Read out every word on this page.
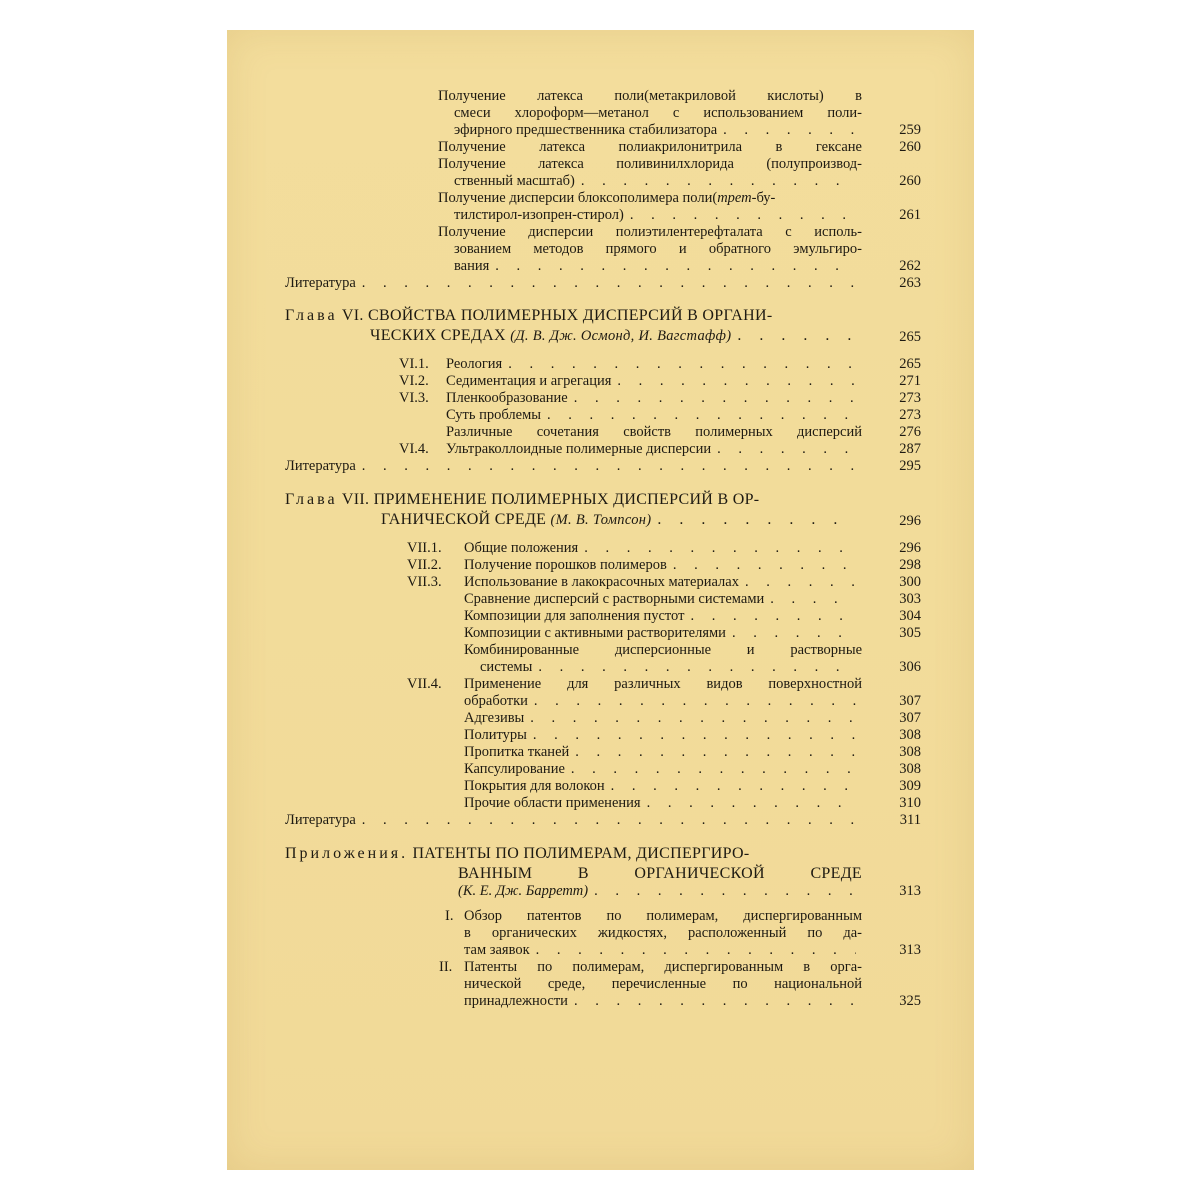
Получение латекса поли(метакриловой кислоты) в
смеси хлороформ—метанол с использованием поли-
эфирного предшественника стабилизатора . . .	259
Получение латекса полиакрилонитрила в гексане	260
Получение латекса поливинилхлорида (полупроизвод-
ственный масштаб) . . .	260
Получение дисперсии блоксополимера поли(трет-бу-
тилстирол-изопрен-стирол) . . .	261
Получение дисперсии полиэтилентерефталата с исполь-
зованием методов прямого и обратного эмульгиро-
вания . . .	262
Литература . . .	263
Глава VI. СВОЙСТВА ПОЛИМЕРНЫХ ДИСПЕРСИЙ В ОРГАНИ-
ЧЕСКИХ СРЕДАХ
(Д. В. Дж. Осмонд, И. Вагстафф) . . .	265
VI.1. Реология . . .	265
VI.2. Седиментация и агрегация . . .	271
VI.3. Пленкообразование . . .	273
Суть проблемы . . .	273
Различные сочетания свойств полимерных дисперсий	276
VI.4. Ультраколлоидные полимерные дисперсии . . .	287
Литература . . .	295
Глава VII. ПРИМЕНЕНИЕ ПОЛИМЕРНЫХ ДИСПЕРСИЙ В ОР-
ГАНИЧЕСКОЙ СРЕДЕ
(М. В. Томпсон) . . .	296
VII.1. Общие положения . . .	296
VII.2. Получение порошков полимеров . . .	298
VII.3. Использование в лакокрасочных материалах . . .	300
Сравнение дисперсий с растворными системами . . .	303
Композиции для заполнения пустот . . .	304
Композиции с активными растворителями . . .	305
Комбинированные дисперсионные и растворные
системы . . .	306
VII.4. Применение для различных видов поверхностной
обработки . . .	307
Адгезивы . . .	307
Политуры . . .	308
Пропитка тканей . . .	308
Капсулирование . . .	308
Покрытия для волокон . . .	309
Прочие области применения . . .	310
Литература . . .	311
Приложения. ПАТЕНТЫ ПО ПОЛИМЕРАМ, ДИСПЕРГИРО-
ВАННЫМ В ОРГАНИЧЕСКОЙ СРЕДЕ
(К. Е. Дж. Барретт) . . .	313
I. Обзор патентов по полимерам, диспергированным
в органических жидкостях, расположенный по да-
там заявок . . .	313
II. Патенты по полимерам, диспергированным в орга-
нической среде, перечисленные по национальной
принадлежности . . .	325
